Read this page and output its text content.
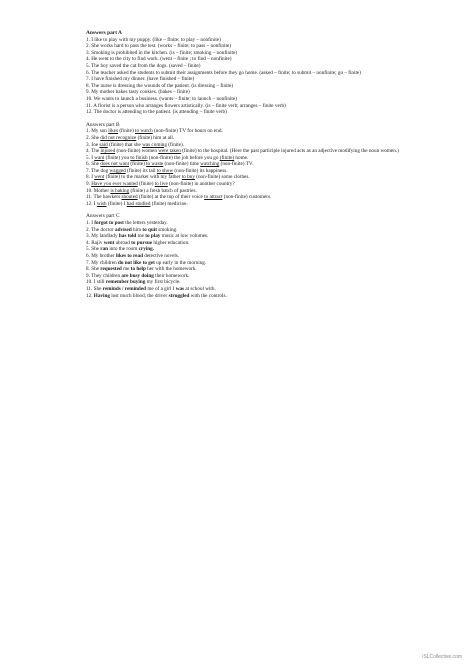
Answers part A
1. I like to play with my puppy. (like – finite; to play – nonfinite)
2. She works hard to pass the test. (works – finite; to pass – nonfinite)
3. Smoking is prohibited in the kitchen. (is – finite; smoking – nonfinite)
4. He went to the city to find work. (went – finite ; to find – nonfinite)
5. The boy saved the cat from the dogs. (saved – finite)
6. The teacher asked the students to submit their assignments before they go home. (asked – finite; to submit – nonfinite; go – finite)
7. I have finished my dinner. (have finished – finite)
8. The nurse is dressing the wounds of the patient. (is dressing – finite)
9. My mother bakes tasty cookies. (bakes – finite)
10. We wants to launch a business. (wants – finite; to launch – nonfinite)
11. A florist is a person who arranges flowers artistically. (is – finite verb; arranges – finite verb)
12. The doctor is attending to the patient. (is attending – finite verb)
Answers part B
1. My son likes (finite) to watch (non-finite) TV for hours on end.
2. She did not recognize (finite) him at all.
3. Joe said (finite) that she was coming (finite).
4. The injured (non-finite) women were taken (finite) to the hospital. (Here the past participle injured acts as an adjective modifying the noun women.)
5. I want (finite) you to finish (non-finite) the job before you go (finite) home.
6. She does not want (finite) to waste (non-finite) time watching (non-finite) TV.
7. The dog wagged (finite) its tail to show (non-finite) its happiness.
8. I went (finite) to the market with my father to buy (non-finite) some clothes.
9. Have you ever wanted (finite) to live (non-finite) in another country?
10. Mother is baking (finite) a fresh batch of pastries.
11. The hawkers shouted (finite) at the top of their voice to attract (non-finite) customers.
12. I wish (finite) I had studied (finite) medicine.
Answers part C
1. I forgot to post the letters yesterday.
2. The doctor advised him to quit smoking.
3. My landlady has told me to play music at low volumes.
4. Rajiv went abroad to pursue higher education.
5. She ran into the room crying.
6. My brother likes to read detective novels.
7. My children do not like to get up early in the morning.
8. She requested me to help her with the homework.
9. They children are busy doing their homework.
10. I still remember buying my first bicycle.
11. She reminds / reminded me of a girl I was at school with.
12. Having lost much blood, the driver struggled with the controls.
iSLCollective.com
